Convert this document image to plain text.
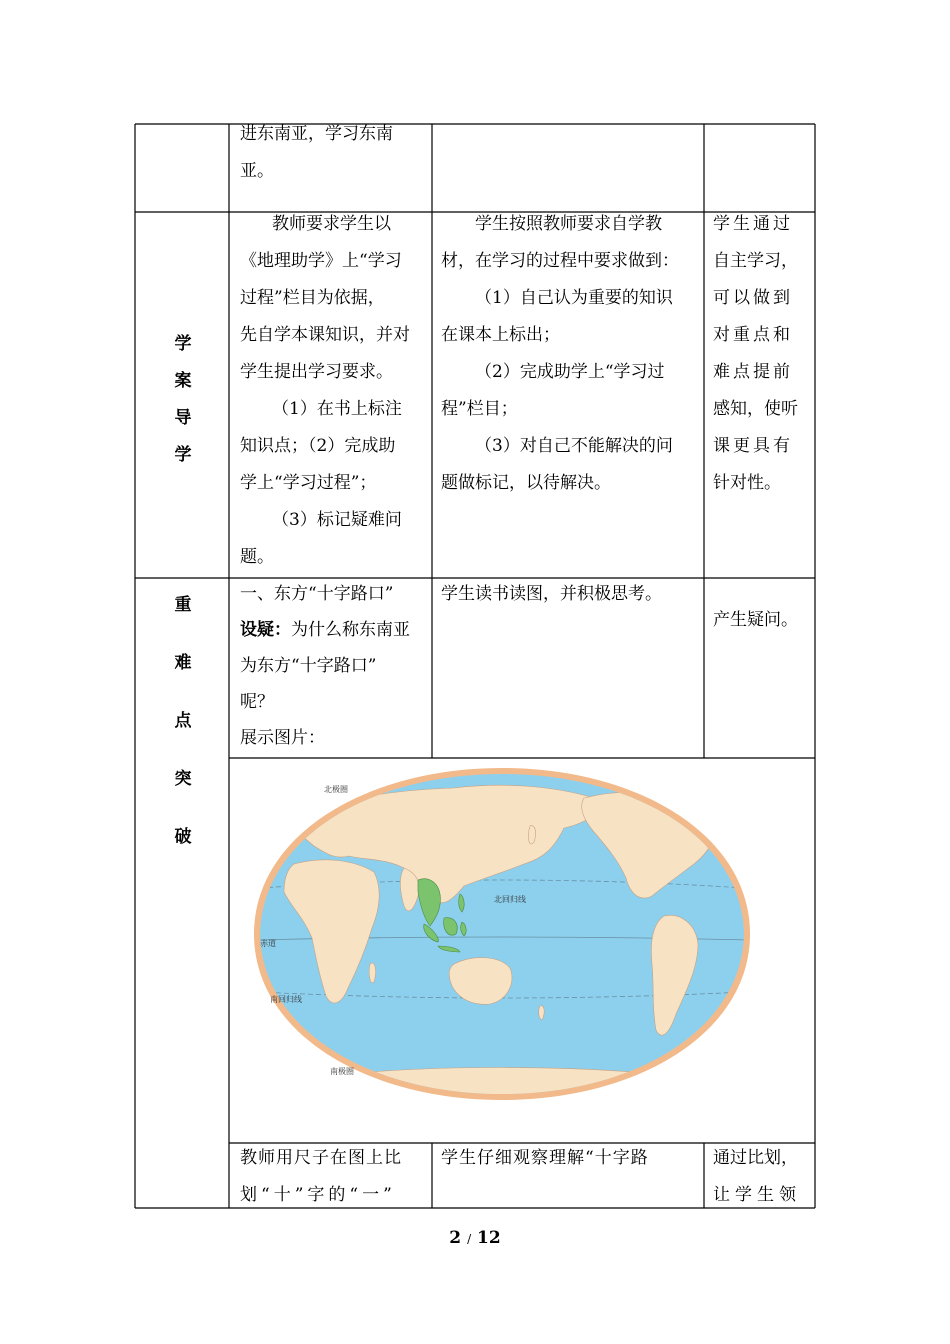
进东南亚，学习东南

亚。

学
案
导
学

教师要求学生以

《地理助学》上“学习

过程”栏目为依据，

先自学本课知识，并对

学生提出学习要求。

（1）在书上标注

知识点；（2）完成助

学上“学习过程”；

（3）标记疑难问

题。

学生按照教师要求自学教

材，在学习的过程中要求做到：

（1）自己认为重要的知识

在课本上标出；

（2）完成助学上“学习过

程”栏目；

（3）对自己不能解决的问

题做标记，以待解决。

学生通过

自主学习，

可以做到

对重点和

难点提前

感知，使听

课更具有

针对性。

重
难
点
突
破

一、东方“十字路口”

设疑：为什么称东南亚

为东方“十字路口”

呢？

展示图片：

学生读书读图，并积极思考。

产生疑问。

北极圈
北回归线
赤道
南回归线
南极圈

教师用尺子在图上比

划“十”字的“一”

学生仔细观察理解“十字路	通过比划，

让学生领

2 / 12
